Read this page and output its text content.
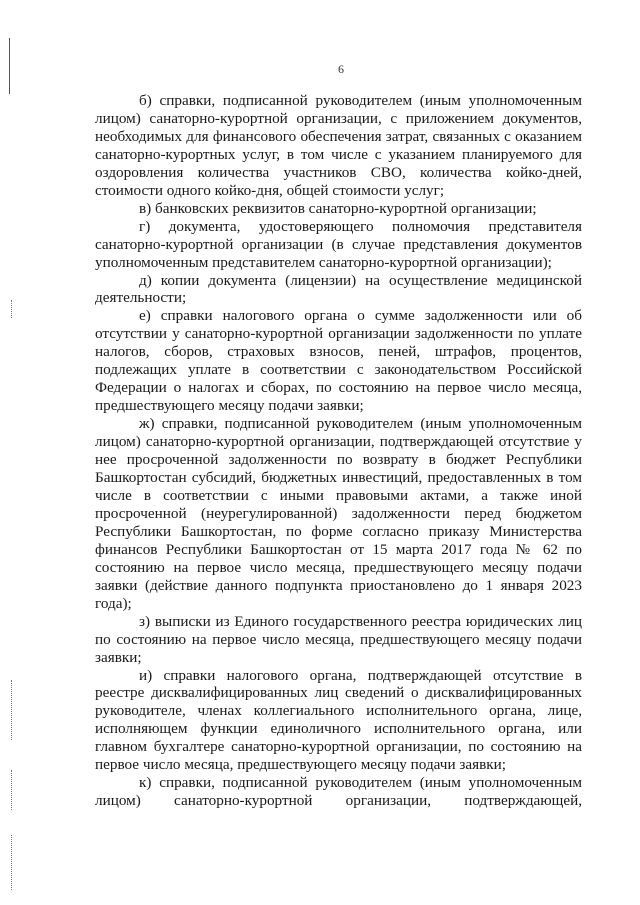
6

б) справки, подписанной руководителем (иным уполномоченным лицом) санаторно-курортной организации, с приложением документов, необходимых для финансового обеспечения затрат, связанных с оказанием санаторно-курортных услуг, в том числе с указанием планируемого для оздоровления количества участников СВО, количества койко-дней, стоимости одного койко-дня, общей стоимости услуг;

в) банковских реквизитов санаторно-курортной организации;

г) документа, удостоверяющего полномочия представителя санаторно-курортной организации (в случае представления документов уполномоченным представителем санаторно-курортной организации);

д) копии документа (лицензии) на осуществление медицинской деятельности;

е) справки налогового органа о сумме задолженности или об отсутствии у санаторно-курортной организации задолженности по уплате налогов, сборов, страховых взносов, пеней, штрафов, процентов, подлежащих уплате в соответствии с законодательством Российской Федерации о налогах и сборах, по состоянию на первое число месяца, предшествующего месяцу подачи заявки;

ж) справки, подписанной руководителем (иным уполномоченным лицом) санаторно-курортной организации, подтверждающей отсутствие у нее просроченной задолженности по возврату в бюджет Республики Башкортостан субсидий, бюджетных инвестиций, предоставленных в том числе в соответствии с иными правовыми актами, а также иной просроченной (неурегулированной) задолженности перед бюджетом Республики Башкортостан, по форме согласно приказу Министерства финансов Республики Башкортостан от 15 марта 2017 года № 62 по состоянию на первое число месяца, предшествующего месяцу подачи заявки (действие данного подпункта приостановлено до 1 января 2023 года);

з) выписки из Единого государственного реестра юридических лиц по состоянию на первое число месяца, предшествующего месяцу подачи заявки;

и) справки налогового органа, подтверждающей отсутствие в реестре дисквалифицированных лиц сведений о дисквалифицированных руководителе, членах коллегиального исполнительного органа, лице, исполняющем функции единоличного исполнительного органа, или главном бухгалтере санаторно-курортной организации, по состоянию на первое число месяца, предшествующего месяцу подачи заявки;

к) справки, подписанной руководителем (иным уполномоченным лицом) санаторно-курортной организации, подтверждающей,
